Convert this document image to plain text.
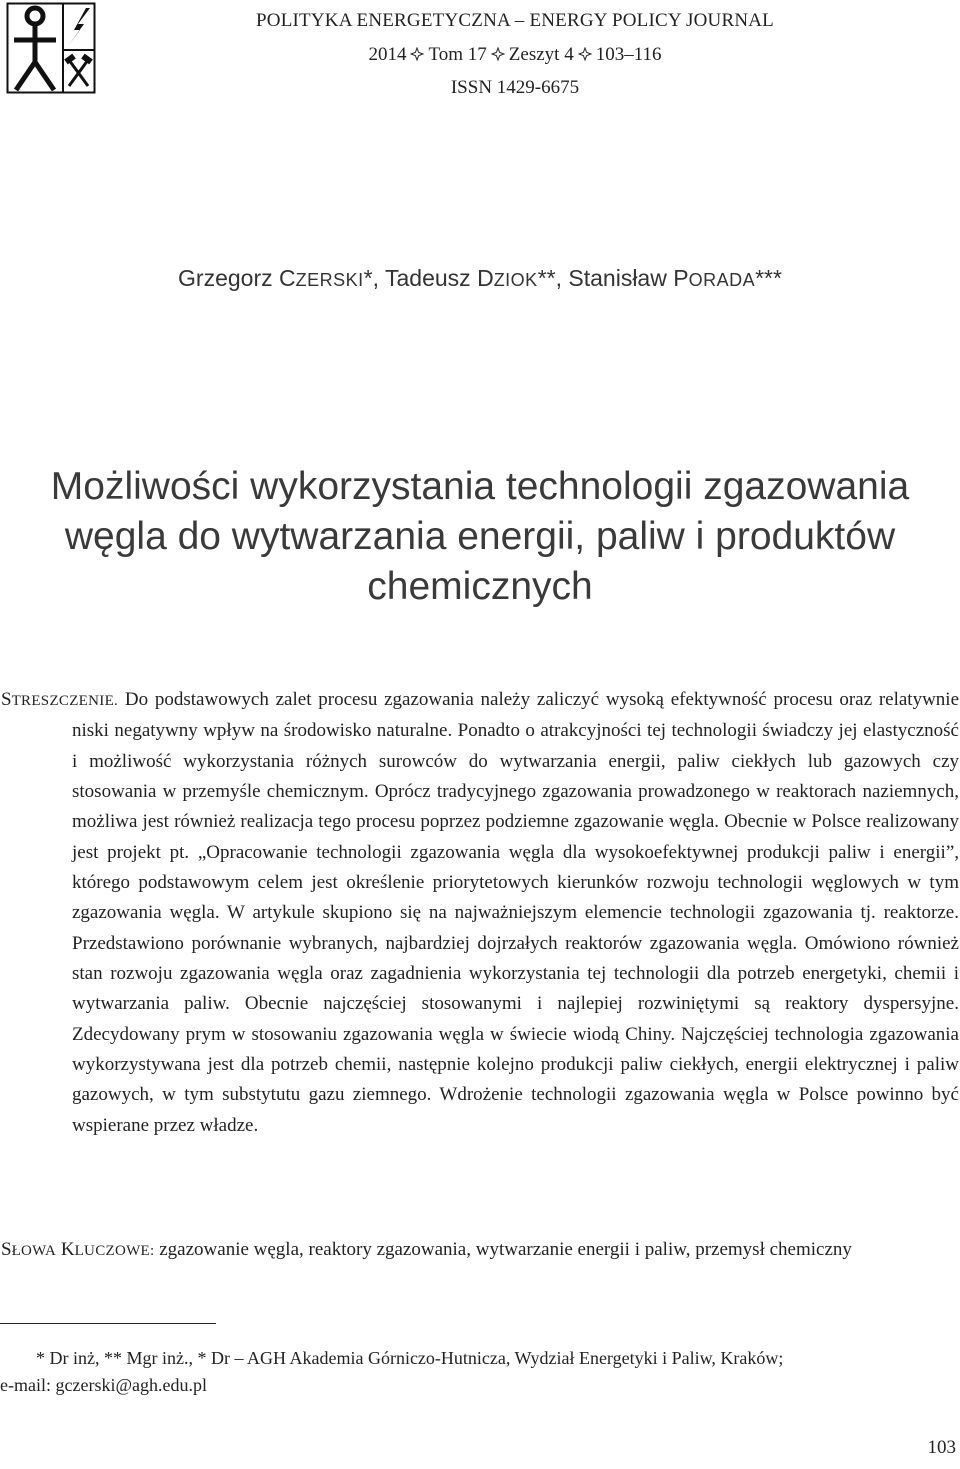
POLITYKA ENERGETYCZNA – ENERGY POLICY JOURNAL
2014 Tom 17 Zeszyt 4 103–116
ISSN 1429-6675
Grzegorz CZERSKI*, Tadeusz DZIOK**, Stanisław PORADA***
Możliwości wykorzystania technologii zgazowania
węgla do wytwarzania energii, paliw i produktów
chemicznych

STRESZCZENIE. Do podstawowych zalet procesu zgazowania należy zaliczyć wysoką efektywność procesu oraz relatywnie niski negatywny wpływ na środowisko naturalne. Ponadto o atrakcyjności tej technologii świadczy jej elastyczność i możliwość wykorzystania różnych surowców do wytwarzania energii, paliw ciekłych lub gazowych czy stosowania w przemyśle chemicznym. Oprócz tradycyjnego zgazowania prowadzonego w reaktorach naziemnych, możliwa jest również realizacja tego procesu poprzez podziemne zgazowanie węgla. Obecnie w Polsce realizowany jest projekt pt. „Opracowanie technologii zgazowania węgla dla wysokoefektywnej produkcji paliw i energii”, którego podstawowym celem jest określenie priorytetowych kierunków rozwoju technologii węglowych w tym zgazowania węgla. W artykule skupiono się na najważniejszym elemencie technologii zgazowania tj. reaktorze. Przedstawiono porównanie wybranych, najbardziej dojrzałych reaktorów zgazowania węgla. Omówiono również stan rozwoju zgazowania węgla oraz zagadnienia wykorzystania tej technologii dla potrzeb energetyki, chemii i wytwarzania paliw. Obecnie najczęściej stosowanymi i najlepiej rozwiniętymi są reaktory dyspersyjne. Zdecydowany prym w stosowaniu zgazowania węgla w świecie wiodą Chiny. Najczęściej technologia zgazowania wykorzystywana jest dla potrzeb chemii, następnie kolejno produkcji paliw ciekłych, energii elektrycznej i paliw gazowych, w tym substytutu gazu ziemnego. Wdrożenie technologii zgazowania węgla w Polsce powinno być wspierane przez władze.

SŁOWA KLUCZOWE: zgazowanie węgla, reaktory zgazowania, wytwarzanie energii i paliw, przemysł chemiczny

* Dr inż, ** Mgr inż., * Dr – AGH Akademia Górniczo-Hutnicza, Wydział Energetyki i Paliw, Kraków;
e-mail: gczerski@agh.edu.pl
103
